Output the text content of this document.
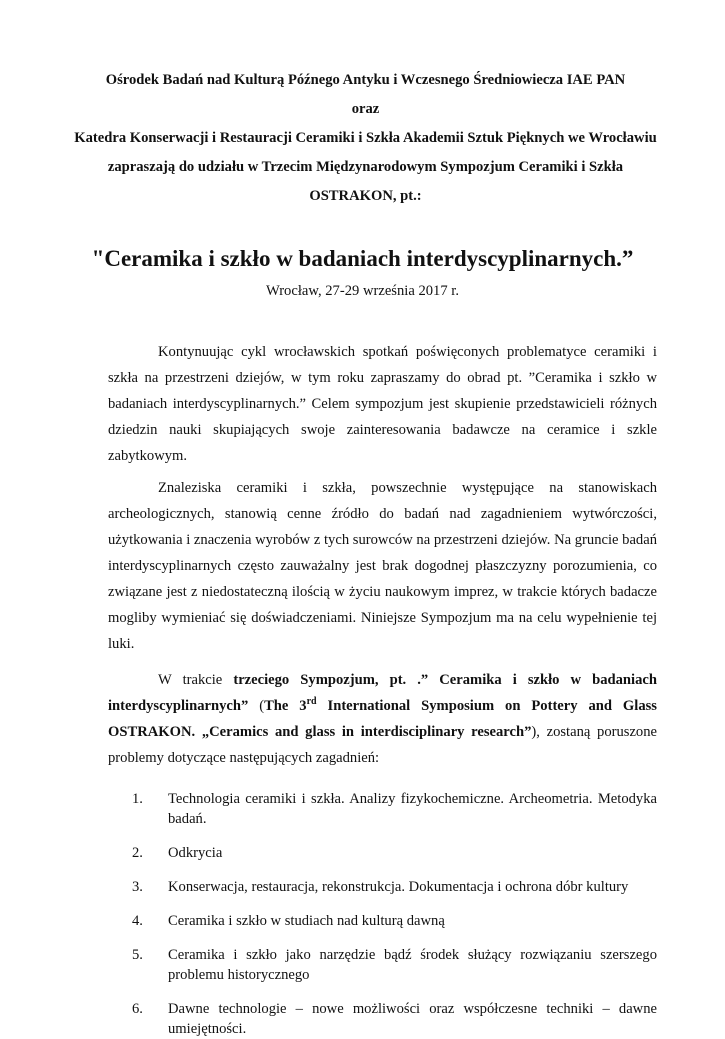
Ośrodek Badań nad Kulturą Późnego Antyku i Wczesnego Średniowiecza IAE PAN
oraz
Katedra Konserwacji i Restauracji Ceramiki i Szkła Akademii Sztuk Pięknych we Wrocławiu
zapraszają do udziału w Trzecim Międzynarodowym Sympozjum Ceramiki i Szkła
OSTRAKON, pt.:
"Ceramika i szkło w badaniach interdyscyplinarnych.”
Wrocław, 27-29 września 2017 r.

Kontynuując cykl wrocławskich spotkań poświęconych problematyce ceramiki i szkła na przestrzeni dziejów, w tym roku zapraszamy do obrad pt. ”Ceramika i szkło w badaniach interdyscyplinarnych.” Celem sympozjum jest skupienie przedstawicieli różnych dziedzin nauki skupiających swoje zainteresowania badawcze na ceramice i szkle zabytkowym.

Znaleziska ceramiki i szkła, powszechnie występujące na stanowiskach archeologicznych, stanowią cenne źródło do badań nad zagadnieniem wytwórczości, użytkowania i znaczenia wyrobów z tych surowców na przestrzeni dziejów. Na gruncie badań interdyscyplinarnych często zauważalny jest brak dogodnej płaszczyzny porozumienia, co związane jest z niedostateczną ilością w życiu naukowym imprez, w trakcie których badacze mogliby wymieniać się doświadczeniami. Niniejsze Sympozjum ma na celu wypełnienie tej luki.

W trakcie trzeciego Sympozjum, pt. .” Ceramika i szkło w badaniach interdyscyplinarnych” (The 3rd International Symposium on Pottery and Glass OSTRAKON. „Ceramics and glass in interdisciplinary research”), zostaną poruszone problemy dotyczące następujących zagadnień:

1. Technologia ceramiki i szkła. Analizy fizykochemiczne. Archeometria. Metodyka badań.
2. Odkrycia
3. Konserwacja, restauracja, rekonstrukcja. Dokumentacja i ochrona dóbr kultury
4. Ceramika i szkło w studiach nad kulturą dawną
5. Ceramika i szkło jako narzędzie bądź środek służący rozwiązaniu szerszego problemu historycznego
6. Dawne technologie – nowe możliwości oraz współczesne techniki – dawne umiejętności.
